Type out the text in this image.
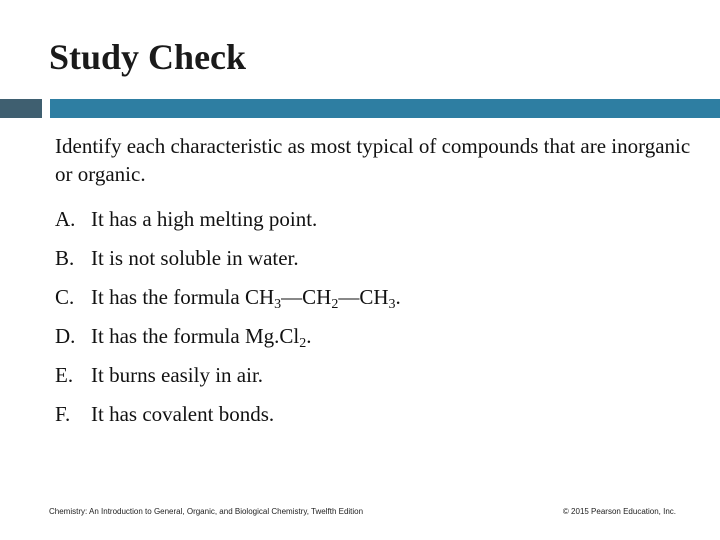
Study Check

Identify each characteristic as most typical of compounds that are inorganic or organic.

A. It has a high melting point.
B. It is not soluble in water.
C. It has the formula $CH_3—CH_2—CH_3$.
D. It has the formula $Mg.Cl_2$.
E. It burns easily in air.
F. It has covalent bonds.
Chemistry: An Introduction to General, Organic, and Biological Chemistry, Twelfth Edition	© 2015 Pearson Education, Inc.
